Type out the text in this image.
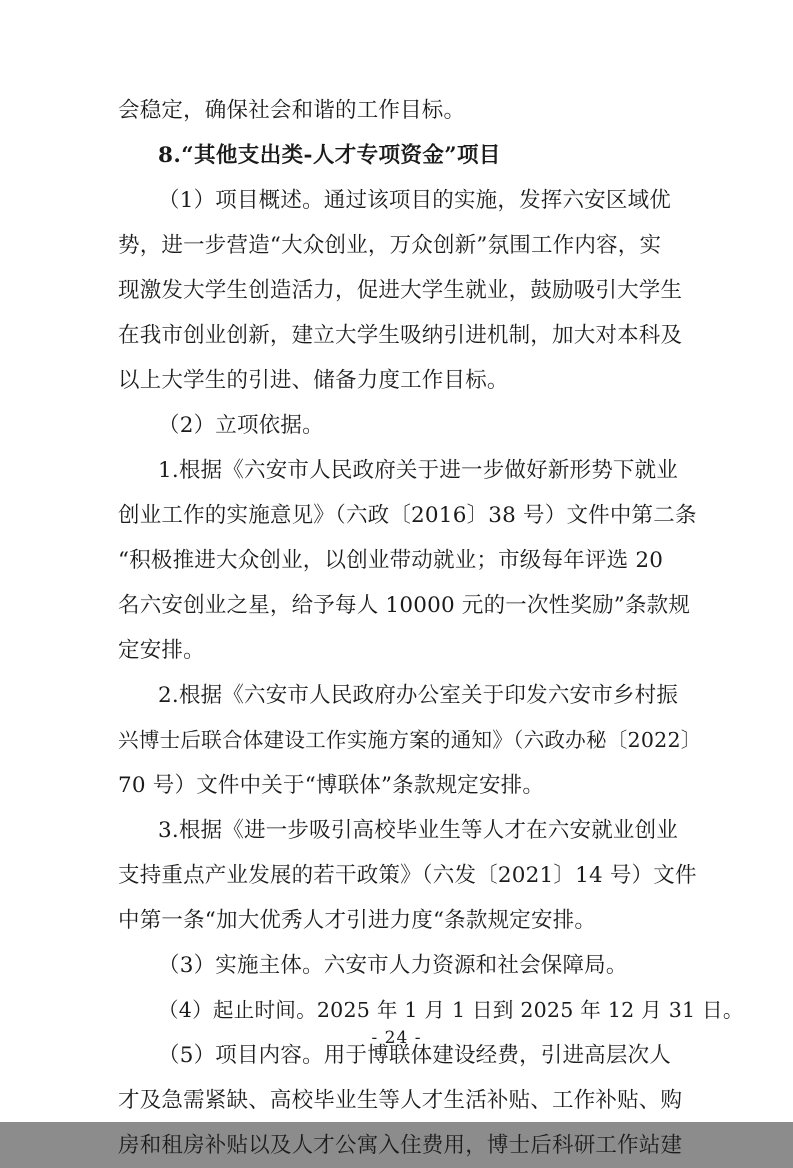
会稳定，确保社会和谐的工作目标。
8.“其他支出类-人才专项资金”项目
（1）项目概述。通过该项目的实施，发挥六安区域优
势，进一步营造“大众创业，万众创新”氛围工作内容，实
现激发大学生创造活力，促进大学生就业，鼓励吸引大学生
在我市创业创新，建立大学生吸纳引进机制，加大对本科及
以上大学生的引进、储备力度工作目标。
（2）立项依据。
1.根据《六安市人民政府关于进一步做好新形势下就业
创业工作的实施意见》（六政〔2016〕38 号）文件中第二条
“积极推进大众创业，以创业带动就业；市级每年评选 20
名六安创业之星，给予每人 10000 元的一次性奖励”条款规
定安排。
2.根据《六安市人民政府办公室关于印发六安市乡村振
兴博士后联合体建设工作实施方案的通知》（六政办秘〔2022〕
70 号）文件中关于“博联体”条款规定安排。
3.根据《进一步吸引高校毕业生等人才在六安就业创业
支持重点产业发展的若干政策》（六发〔2021〕14 号）文件
中第一条“加大优秀人才引进力度“条款规定安排。
（3）实施主体。六安市人力资源和社会保障局。
（4）起止时间。2025 年 1 月 1 日到 2025 年 12 月 31 日。
（5）项目内容。用于博联体建设经费，引进高层次人
才及急需紧缺、高校毕业生等人才生活补贴、工作补贴、购
房和租房补贴以及人才公寓入住费用，博士后科研工作站建
- 24 -
